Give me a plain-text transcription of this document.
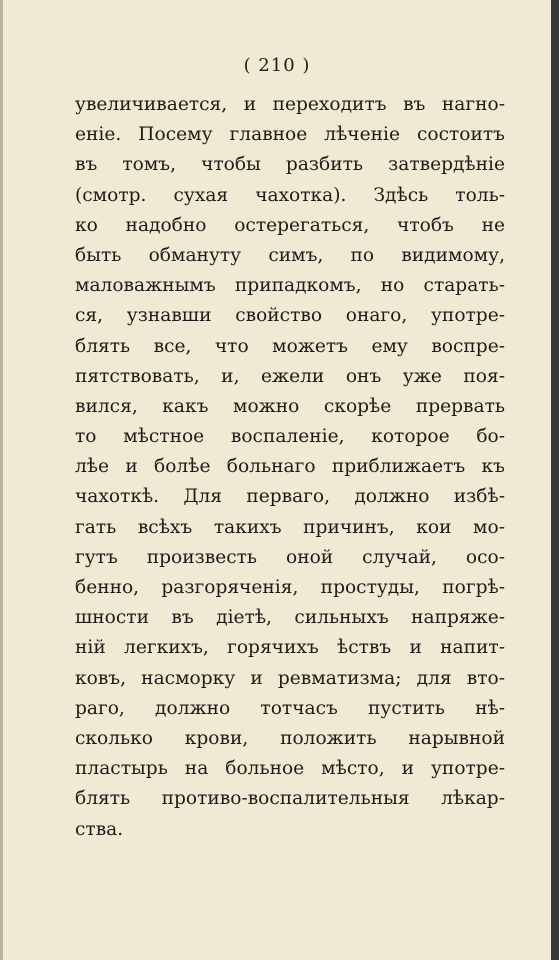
( 210 )
увеличивается, и переходитъ въ нагно-
еніе. Посему главное лѣченіе состоитъ
въ томъ, чтобы разбить затвердѣніе
(смотр. сухая чахотка). Здѣсь толь-
ко надобно остерегаться, чтобъ не
быть обмануту симъ, по видимому,
маловажнымъ припадкомъ, но старать-
ся, узнавши свойство онаго, употре-
блять все, что можетъ ему воспре-
пятствовать, и, ежели онъ уже поя-
вился, какъ можно скорѣе прервать
то мѣстное воспаленіе, которое бо-
лѣе и болѣе больнаго приближаетъ къ
чахоткѣ. Для перваго, должно избѣ-
гать всѣхъ такихъ причинъ, кои мо-
гутъ произвесть оной случай, осо-
бенно, разгоряченія, простуды, погрѣ-
шности въ діетѣ, сильныхъ напряже-
ній легкихъ, горячихъ ѣствъ и напит-
ковъ, насморку и ревматизма; для вто-
раго, должно тотчасъ пустить нѣ-
сколько крови, положить нарывной
пластырь на больное мѣсто, и употре-
блять противо-воспалительныя лѣкар-
ства.
